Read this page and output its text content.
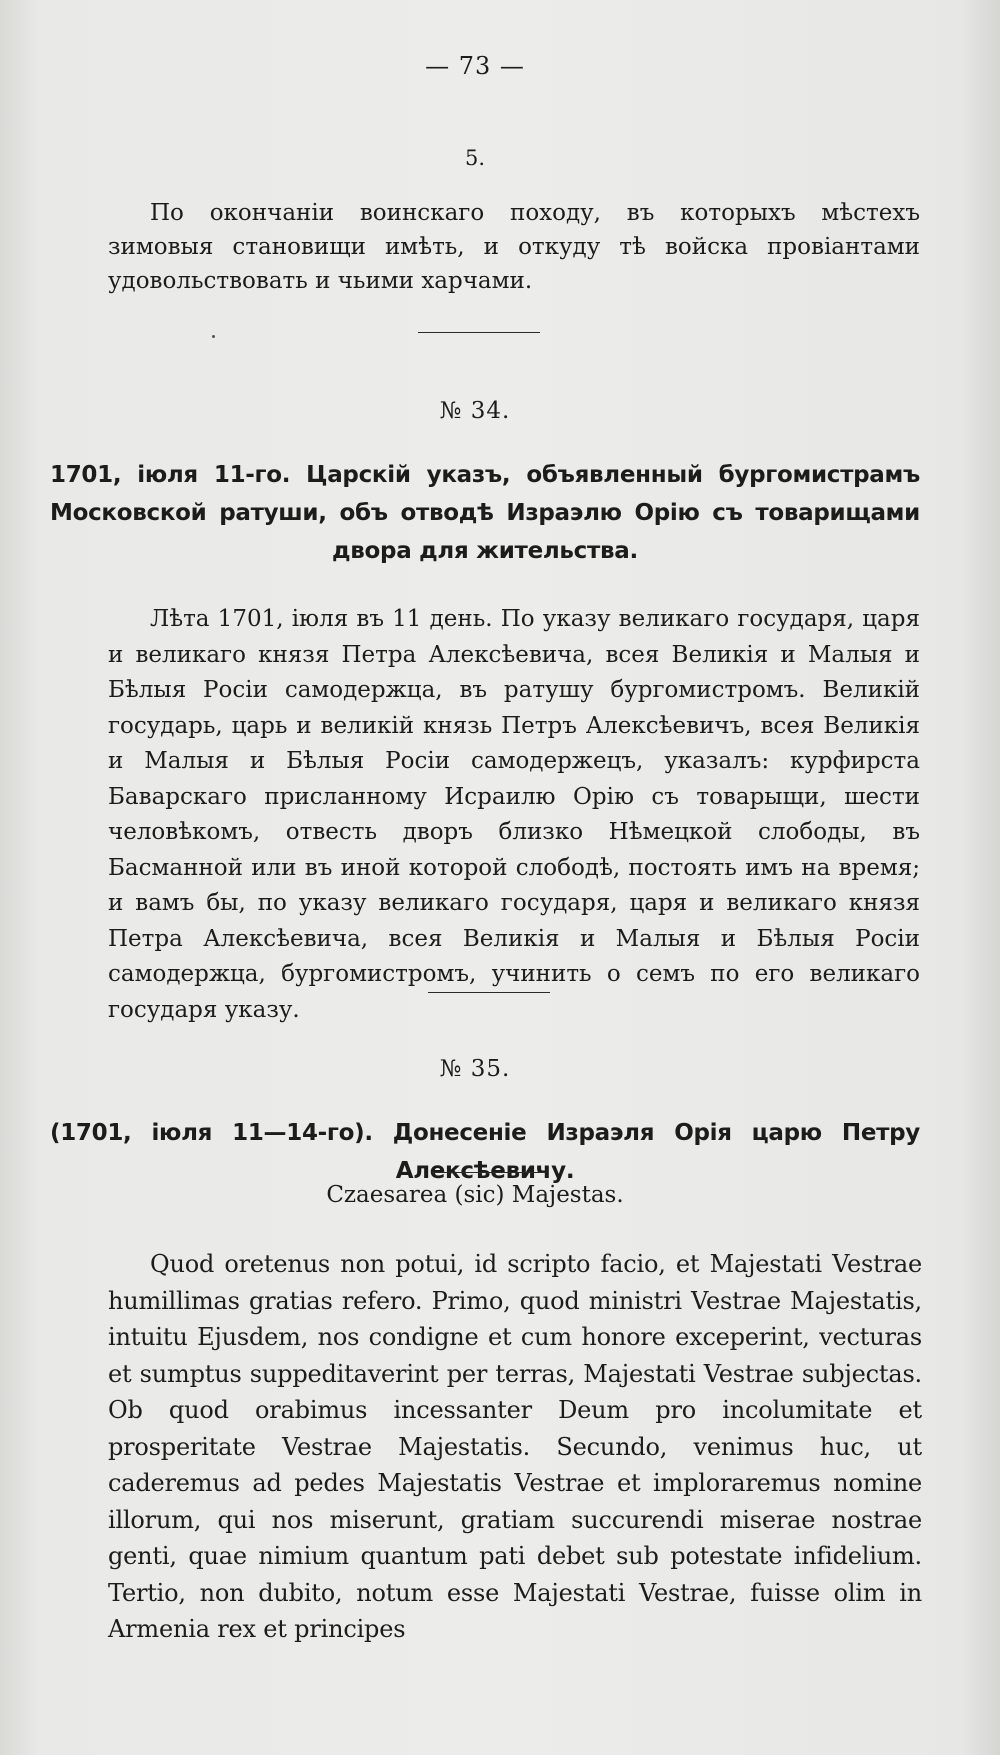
— 73 —
5.

По окончаніи воинскаго походу, въ которыхъ мѣстехъ зимовыя становищи имѣть, и откуду тѣ войска провіантами удовольствовать и чьими харчами.

№ 34.
1701, іюля 11-го. Царскій указъ, объявленный бургомистрамъ Московской ратуши, объ отводѣ Израэлю Орію съ товарищами двора для жительства.

Лѣта 1701, іюля въ 11 день. По указу великаго государя, царя и великаго князя Петра Алексѣевича, всея Великія и Малыя и Бѣлыя Росіи самодержца, въ ратушу бургомистромъ. Великій государь, царь и великій князь Петръ Алексѣевичъ, всея Великія и Малыя и Бѣлыя Росіи самодержецъ, указалъ: курфирста Баварскаго присланному Исраилю Орію съ товарыщи, шести человѣкомъ, отвесть дворъ близко Нѣмецкой слободы, въ Басманной или въ иной которой слободѣ, постоять имъ на время; и вамъ бы, по указу великаго государя, царя и великаго князя Петра Алексѣевича, всея Великія и Малыя и Бѣлыя Росіи самодержца, бургомистромъ, учинить о семъ по его великаго государя указу.

№ 35.
(1701, іюля 11—14-го). Донесеніе Израэля Орія царю Петру Алексѣевичу.
Czaesarea (sic) Majestas.

Quod oretenus non potui, id scripto facio, et Majestati Vestrae humillimas gratias refero. Primo, quod ministri Vestrae Majestatis, intuitu Ejusdem, nos condigne et cum honore exceperint, vecturas et sumptus suppeditaverint per terras, Majestati Vestrae subjectas. Ob quod orabimus incessanter Deum pro incolumitate et prosperitate Vestrae Majestatis. Secundo, venimus huc, ut caderemus ad pedes Majestatis Vestrae et imploraremus nomine illorum, qui nos miserunt, gratiam succurendi miserae nostrae genti, quae nimium quantum pati debet sub potestate infidelium. Tertio, non dubito, notum esse Majestati Vestrae, fuisse olim in Armenia rex et principes
